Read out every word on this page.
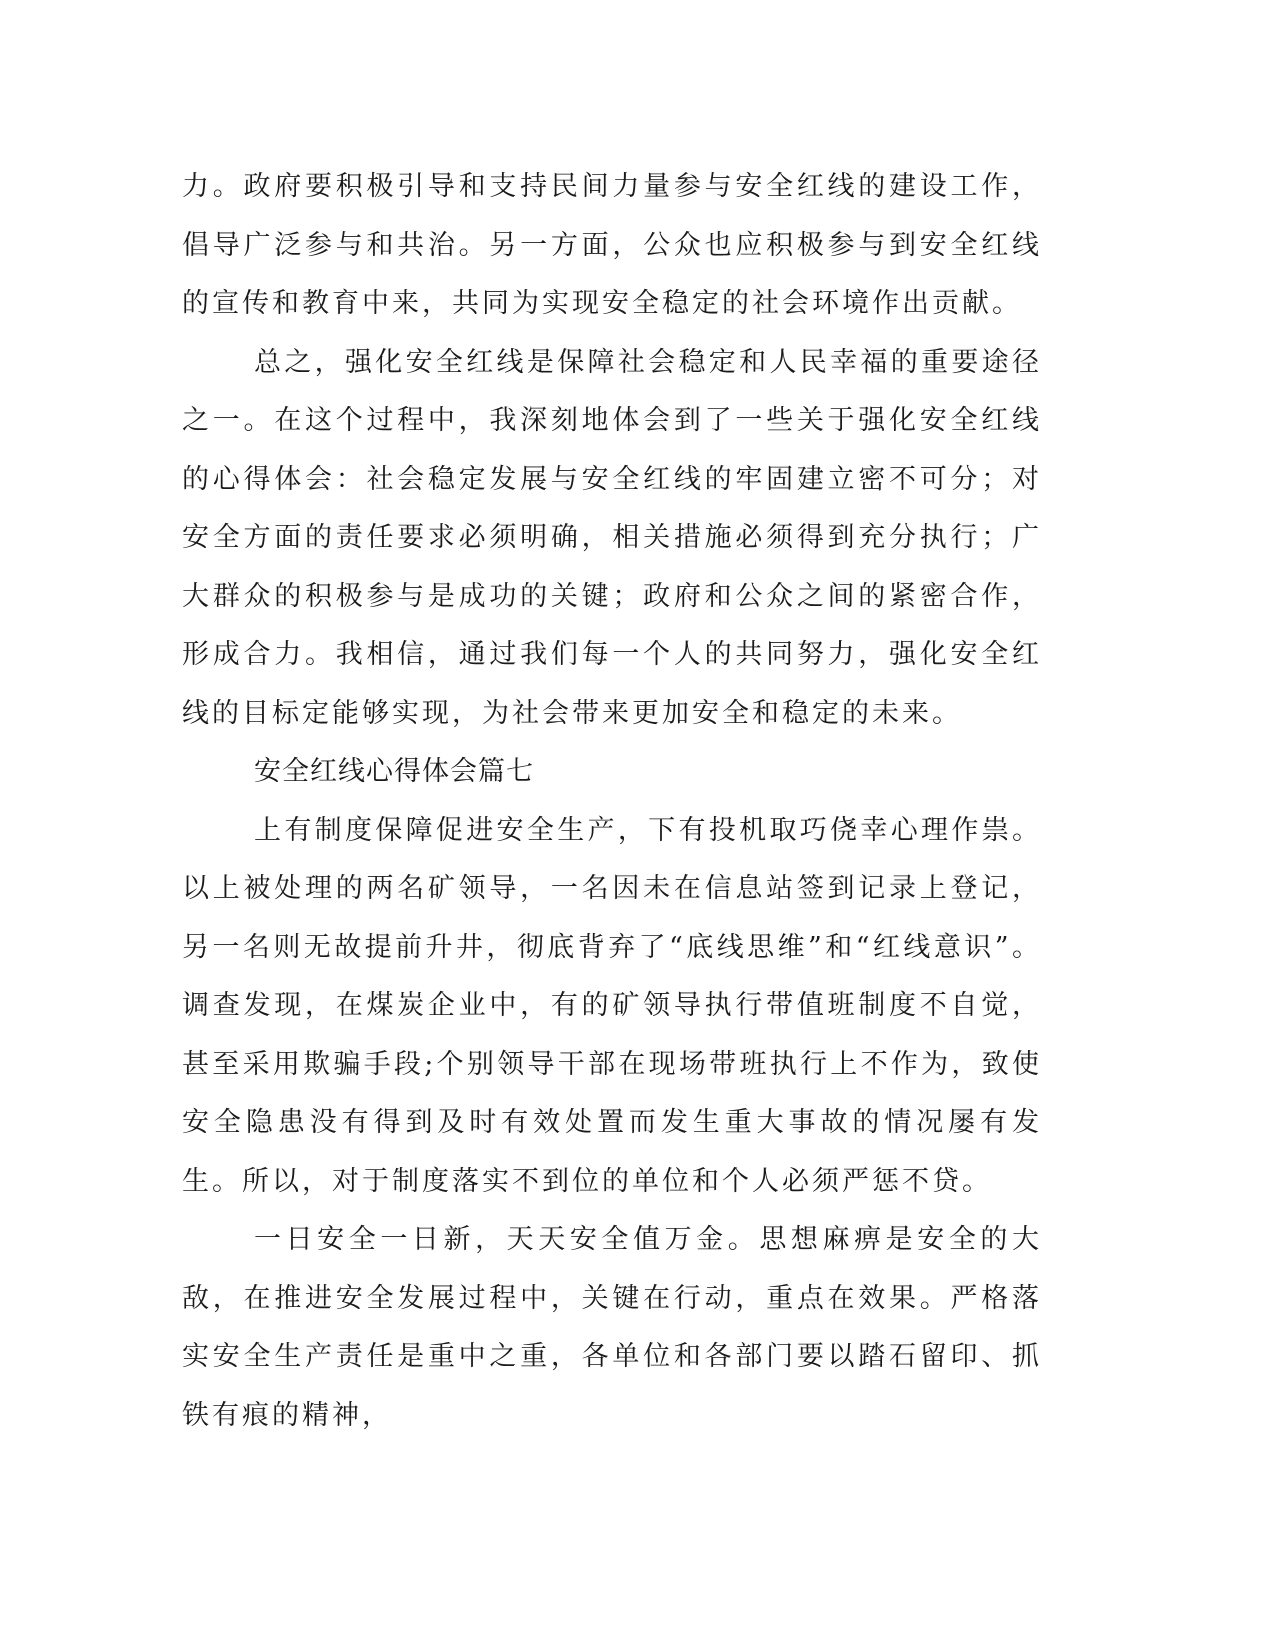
力。政府要积极引导和支持民间力量参与安全红线的建设工作，倡导广泛参与和共治。另一方面，公众也应积极参与到安全红线的宣传和教育中来，共同为实现安全稳定的社会环境作出贡献。

总之，强化安全红线是保障社会稳定和人民幸福的重要途径之一。在这个过程中，我深刻地体会到了一些关于强化安全红线的心得体会：社会稳定发展与安全红线的牢固建立密不可分；对安全方面的责任要求必须明确，相关措施必须得到充分执行；广大群众的积极参与是成功的关键；政府和公众之间的紧密合作，形成合力。我相信，通过我们每一个人的共同努力，强化安全红线的目标定能够实现，为社会带来更加安全和稳定的未来。

安全红线心得体会篇七

上有制度保障促进安全生产，下有投机取巧侥幸心理作祟。以上被处理的两名矿领导，一名因未在信息站签到记录上登记，另一名则无故提前升井，彻底背弃了“底线思维”和“红线意识”。调查发现，在煤炭企业中，有的矿领导执行带值班制度不自觉，甚至采用欺骗手段;个别领导干部在现场带班执行上不作为，致使安全隐患没有得到及时有效处置而发生重大事故的情况屡有发生。所以，对于制度落实不到位的单位和个人必须严惩不贷。

一日安全一日新，天天安全值万金。思想麻痹是安全的大敌，在推进安全发展过程中，关键在行动，重点在效果。严格落实安全生产责任是重中之重，各单位和各部门要以踏石留印、抓铁有痕的精神，
